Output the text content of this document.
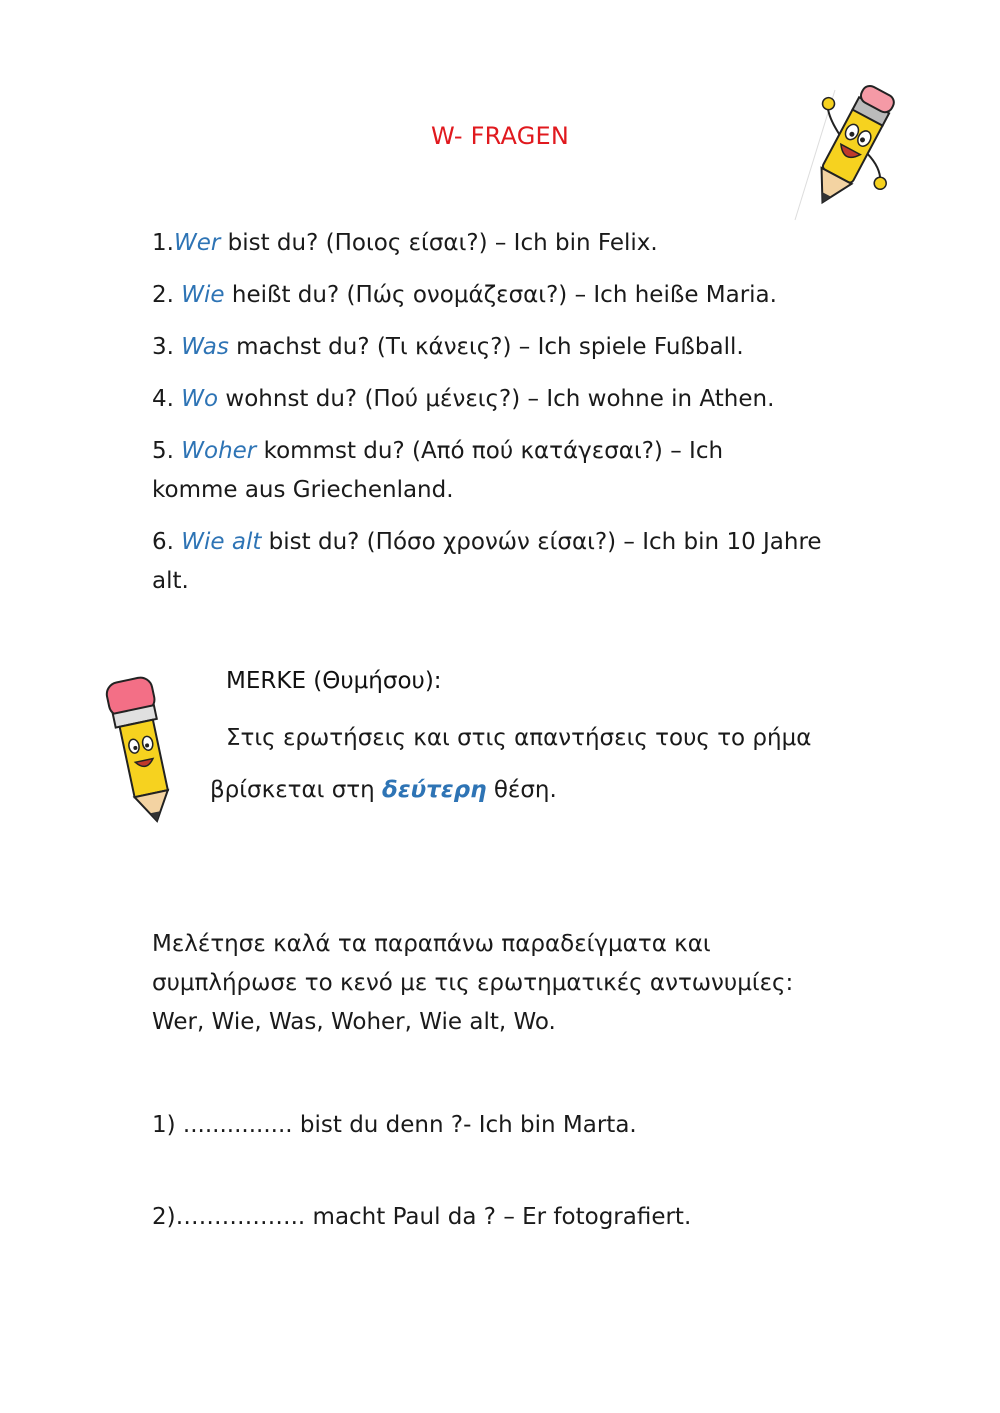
W- FRAGEN
1.Wer bist du? (Ποιος είσαι?) – Ich bin Felix.
2. Wie heißt du? (Πώς ονομάζεσαι?) – Ich heiße Maria.
3. Was machst du? (Τι κάνεις?) – Ich spiele Fußball.
4. Wo wohnst du? (Πού μένεις?) – Ich wohne in Athen.
5. Woher kommst du? (Από πού κατάγεσαι?) – Ich
komme aus Griechenland.
6. Wie alt bist du? (Πόσο χρονών είσαι?) – Ich bin 10 Jahre
alt.
MERKE (Θυμήσου):
Στις ερωτήσεις και στις απαντήσεις τους το ρήμα
βρίσκεται στη δεύτερη θέση.
Μελέτησε καλά τα παραπάνω παραδείγματα και
συμπλήρωσε το κενό με τις ερωτηματικές αντωνυμίες:
Wer, Wie, Was, Woher, Wie alt, Wo.
1) ............... bist du denn ?- Ich bin Marta.
2)…………….. macht Paul da ? – Er fotografiert.
